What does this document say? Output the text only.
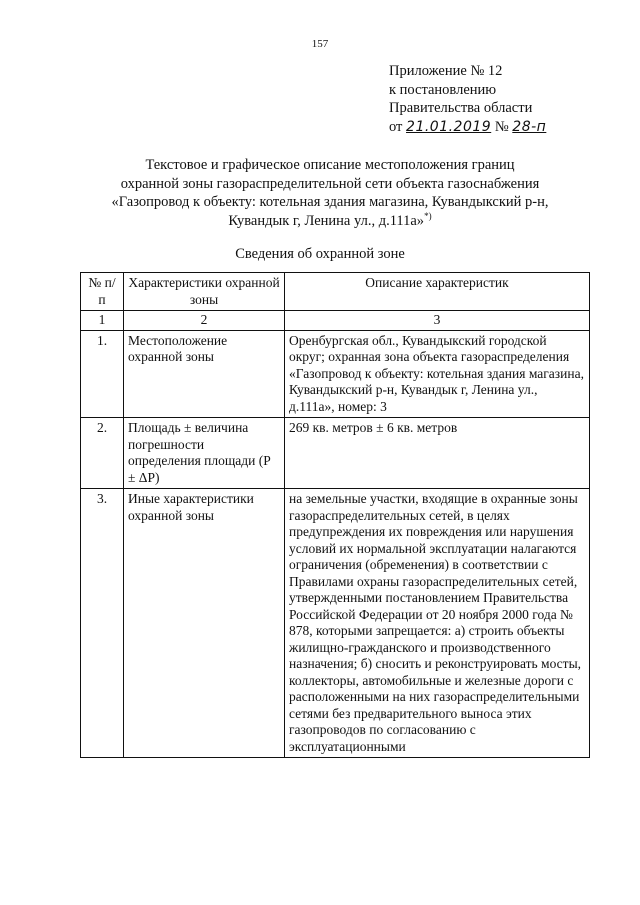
157
Приложение № 12
к постановлению
Правительства области
от 21.01.2019 № 28-п
Текстовое и графическое описание местоположения границ
охранной зоны газораспределительной сети объекта газоснабжения
«Газопровод к объекту: котельная здания магазина, Кувандыкский р-н,
Кувандык г, Ленина ул., д.111а»*)
Сведения об охранной зоне
№ п/п	Характеристики охранной зоны	Описание характеристик
1	2	3
1.	Местоположение охранной зоны	Оренбургская обл., Кувандыкский городской округ; охранная зона объекта газораспределения «Газопровод к объекту: котельная здания магазина, Кувандыкский р-н, Кувандык г, Ленина ул., д.111а», номер: 3
2.	Площадь ± величина погрешности определения площади (P ± ΔP)	269 кв. метров ± 6 кв. метров
3.	Иные характеристики охранной зоны	на земельные участки, входящие в охранные зоны газораспределительных сетей, в целях предупреждения их повреждения или нарушения условий их нормальной эксплуатации налагаются ограничения (обременения) в соответствии с Правилами охраны газораспределительных сетей, утвержденными постановлением Правительства Российской Федерации от 20 ноября 2000 года № 878, которыми запрещается: а) строить объекты жилищно-гражданского и производственного назначения; б) сносить и реконструировать мосты, коллекторы, автомобильные и железные дороги с расположенными на них газораспределительными сетями без предварительного выноса этих газопроводов по согласованию с эксплуатационными
